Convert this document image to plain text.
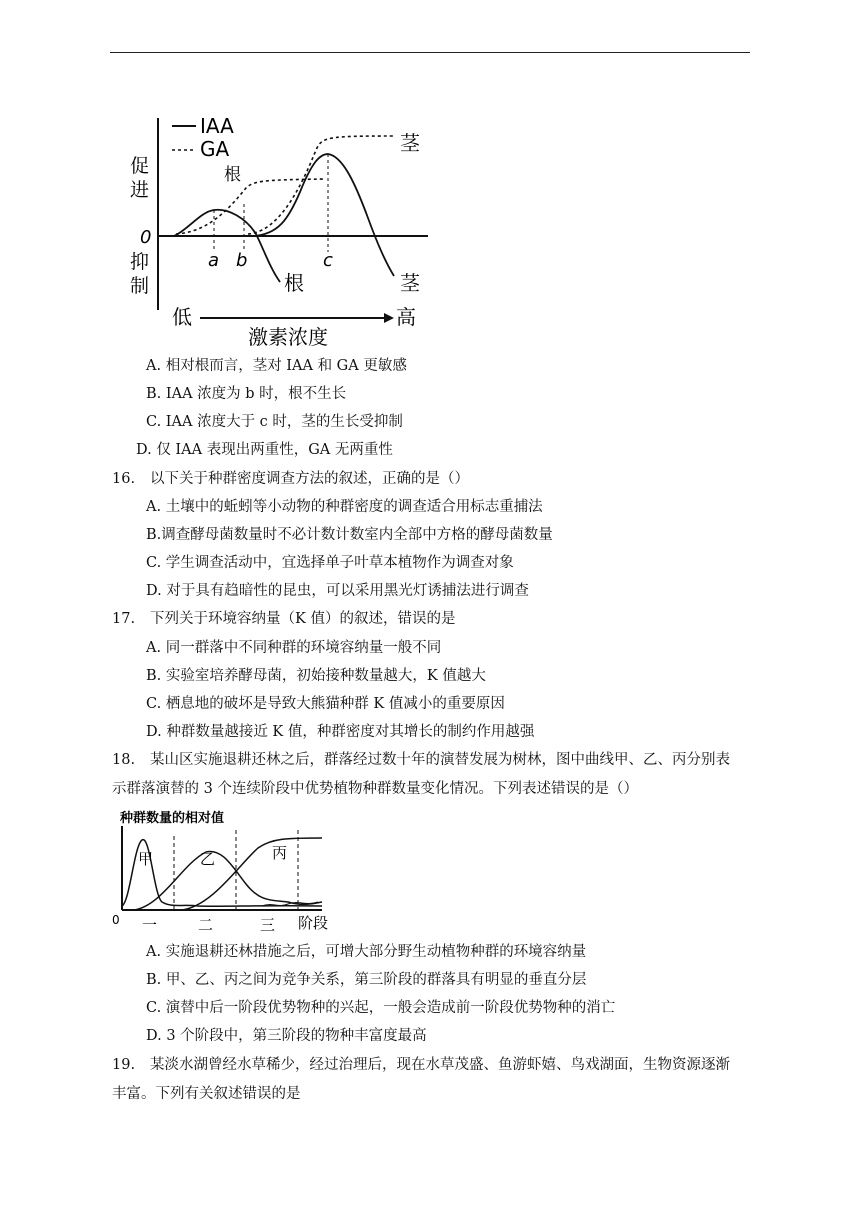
IAA
GA
促进
抑制
0
a b	c
茎
根
根	茎
低	高
激素浓度
A. 相对根而言，茎对 IAA 和 GA 更敏感
B. IAA 浓度为 b 时，根不生长
C. IAA 浓度大于 c 时，茎的生长受抑制
D. 仅 IAA 表现出两重性，GA 无两重性
16. 以下关于种群密度调查方法的叙述，正确的是（）
A. 土壤中的蚯蚓等小动物的种群密度的调查适合用标志重捕法
B.调查酵母菌数量时不必计数计数室内全部中方格的酵母菌数量
C. 学生调查活动中，宜选择单子叶草本植物作为调查对象
D. 对于具有趋暗性的昆虫，可以采用黑光灯诱捕法进行调查
17. 下列关于环境容纳量（K 值）的叙述，错误的是
A. 同一群落中不同种群的环境容纳量一般不同
B. 实验室培养酵母菌，初始接种数量越大，K 值越大
C. 栖息地的破坏是导致大熊猫种群 K 值减小的重要原因
D. 种群数量越接近 K 值，种群密度对其增长的制约作用越强
18. 某山区实施退耕还林之后，群落经过数十年的演替发展为树林，图中曲线甲、乙、丙分别表
示群落演替的 3 个连续阶段中优势植物种群数量变化情况。下列表述错误的是（）
种群数量的相对值
甲	乙	丙
0 一	二	三 阶段
A. 实施退耕还林措施之后，可增大部分野生动植物种群的环境容纳量
B. 甲、乙、丙之间为竞争关系，第三阶段的群落具有明显的垂直分层
C. 演替中后一阶段优势物种的兴起，一般会造成前一阶段优势物种的消亡
D. 3 个阶段中，第三阶段的物种丰富度最高
19. 某淡水湖曾经水草稀少，经过治理后，现在水草茂盛、鱼游虾嬉、鸟戏湖面，生物资源逐渐
丰富。下列有关叙述错误的是
